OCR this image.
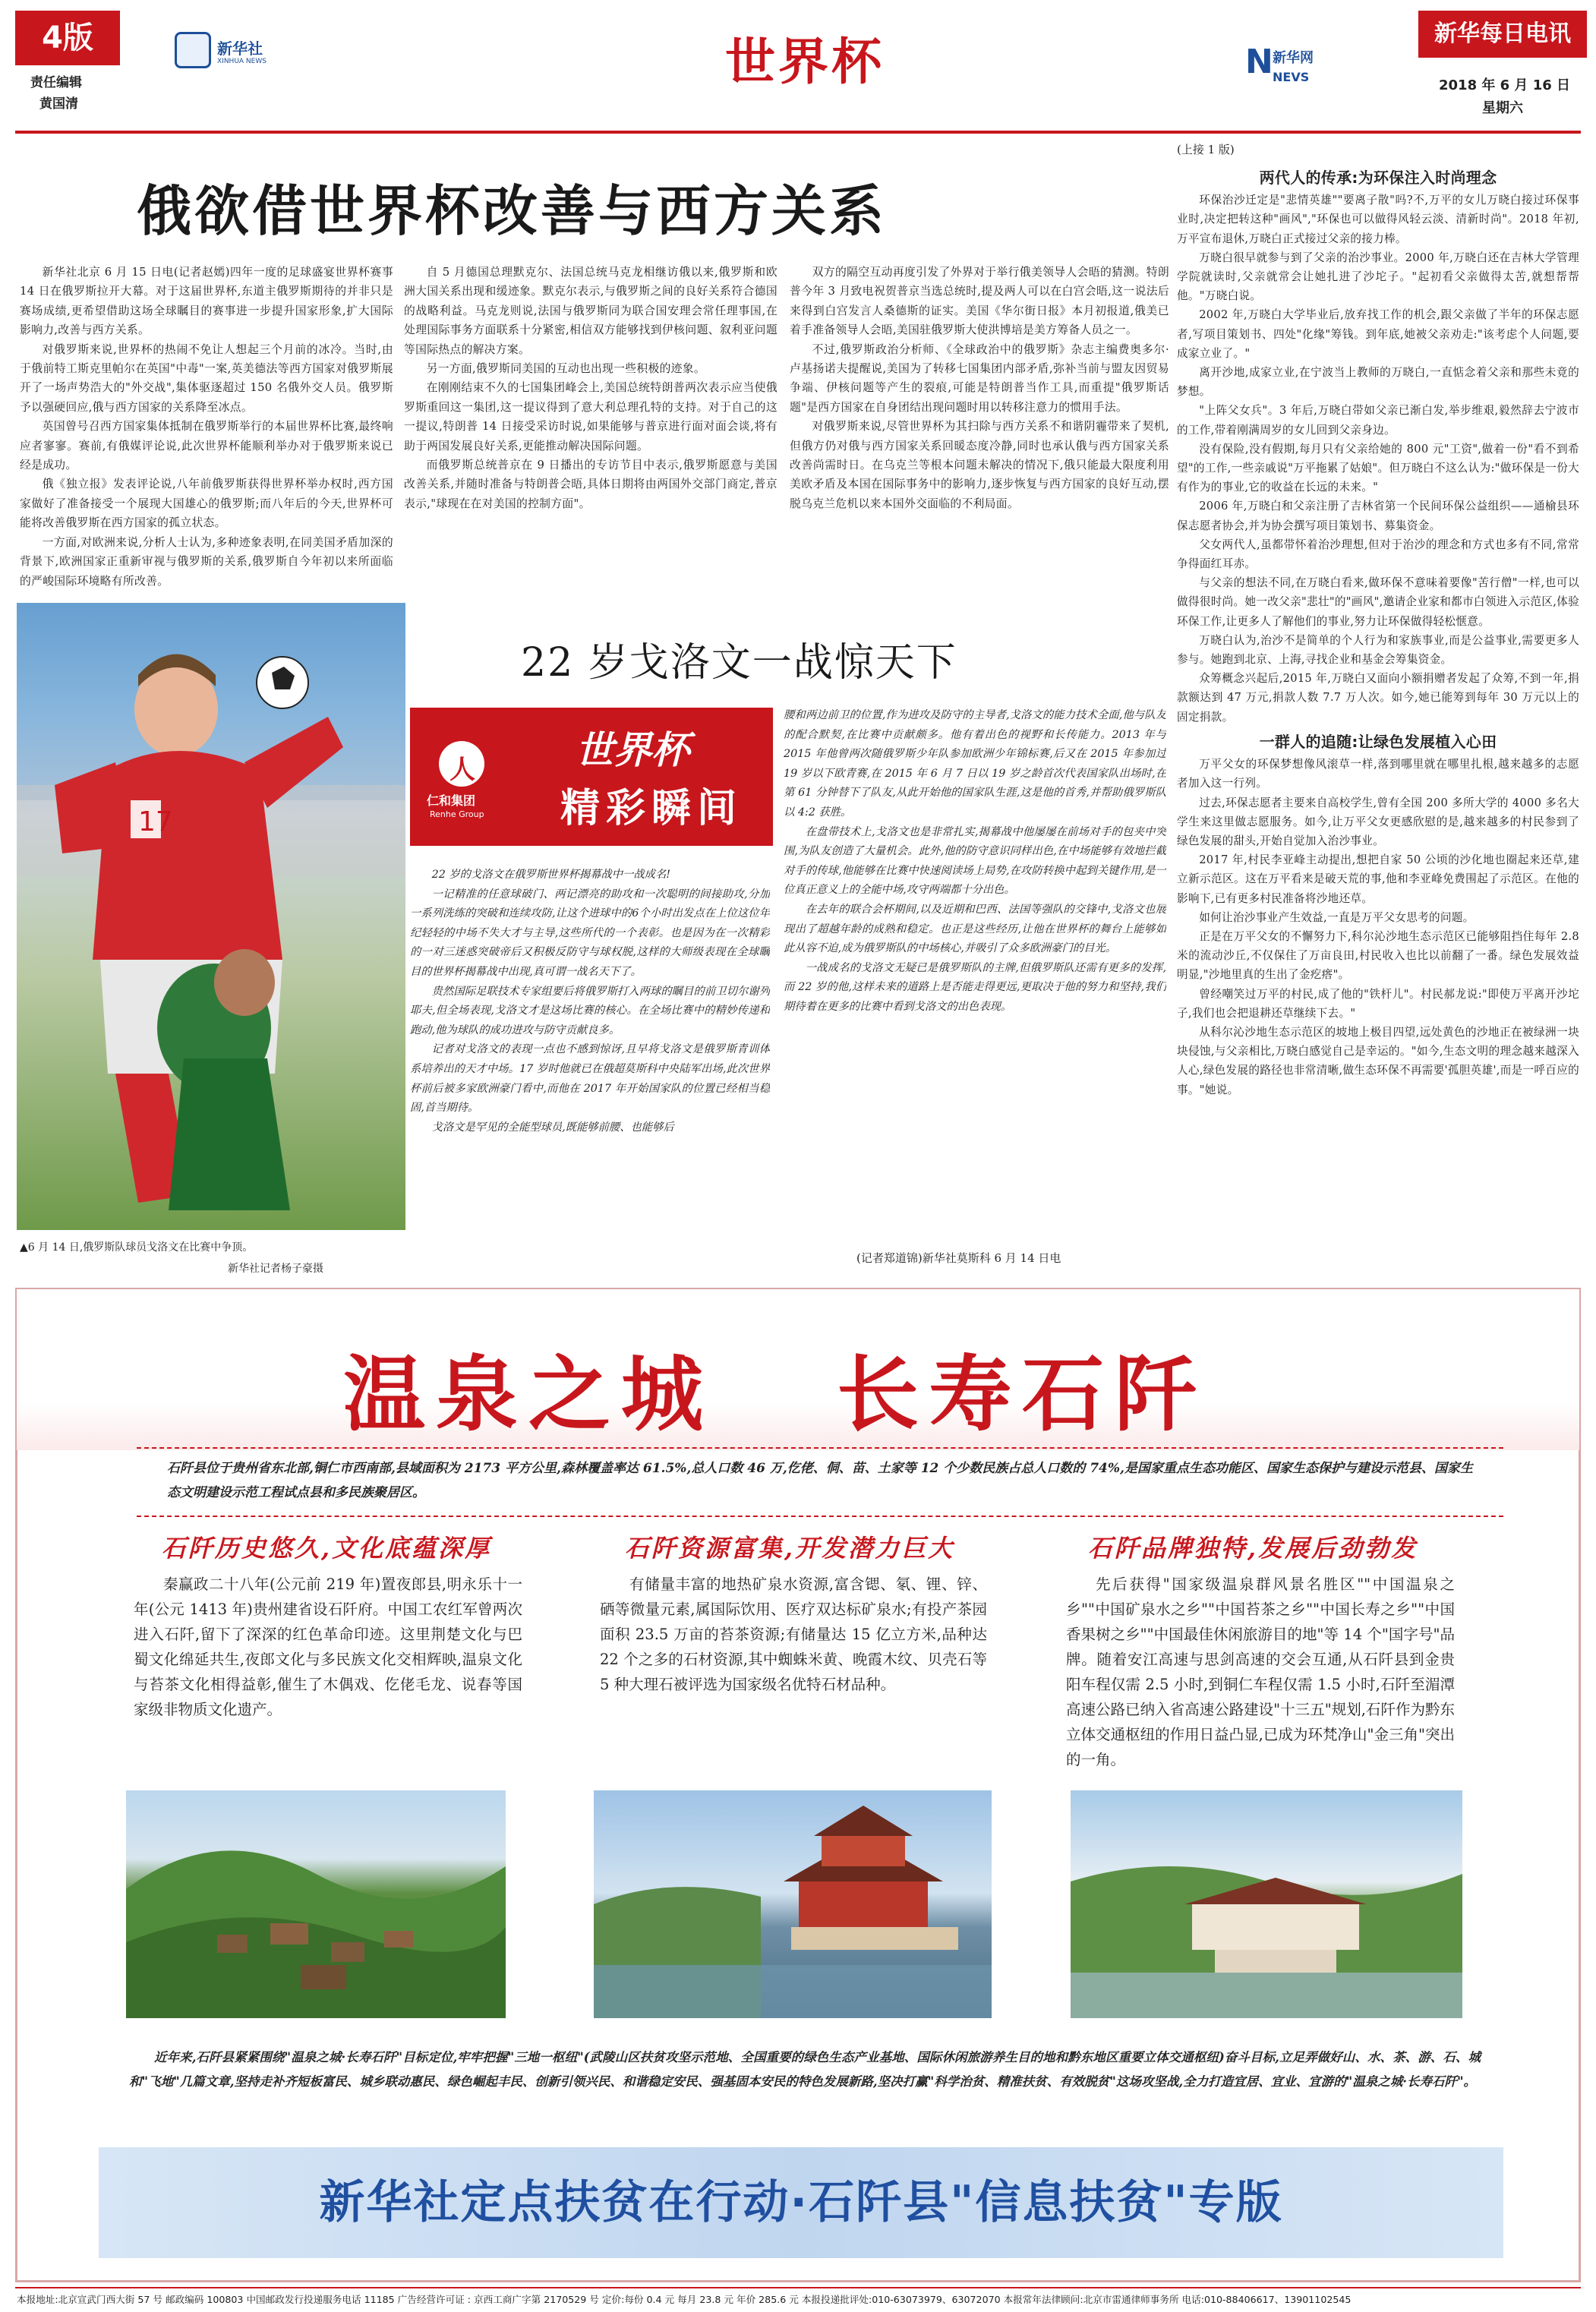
4版
责任编辑
黄国清
新华社
XINHUA NEWS	世界杯	N 新华网
NEVS
新华每日电讯
2018 年 6 月 16 日
星期六
俄欲借世界杯改善与西方关系

新华社北京 6 月 15 日电(记者赵嫣)四年一度的足球盛宴世界杯赛事 14 日在俄罗斯拉开大幕。对于这届世界杯,东道主俄罗斯期待的并非只是赛场成绩,更希望借助这场全球瞩目的赛事进一步提升国家形象,扩大国际影响力,改善与西方关系。

对俄罗斯来说,世界杯的热闹不免让人想起三个月前的冰冷。当时,由于俄前特工斯克里帕尔在英国"中毒"一案,英美德法等西方国家对俄罗斯展开了一场声势浩大的"外交战",集体驱逐超过 150 名俄外交人员。俄罗斯予以强硬回应,俄与西方国家的关系降至冰点。

英国曾号召西方国家集体抵制在俄罗斯举行的本届世界杯比赛,最终响应者寥寥。赛前,有俄媒评论说,此次世界杯能顺利举办对于俄罗斯来说已经是成功。

俄《独立报》发表评论说,八年前俄罗斯获得世界杯举办权时,西方国家做好了准备接受一个展现大国雄心的俄罗斯;而八年后的今天,世界杯可能将改善俄罗斯在西方国家的孤立状态。

一方面,对欧洲来说,分析人士认为,多种迹象表明,在同美国矛盾加深的背景下,欧洲国家正重新审视与俄罗斯的关系,俄罗斯自今年初以来所面临的严峻国际环境略有所改善。

自 5 月德国总理默克尔、法国总统马克龙相继访俄以来,俄罗斯和欧洲大国关系出现和缓迹象。默克尔表示,与俄罗斯之间的良好关系符合德国的战略利益。马克龙则说,法国与俄罗斯同为联合国安理会常任理事国,在处理国际事务方面联系十分紧密,相信双方能够找到伊核问题、叙利亚问题等国际热点的解决方案。

另一方面,俄罗斯同美国的互动也出现一些积极的迹象。

在刚刚结束不久的七国集团峰会上,美国总统特朗普两次表示应当使俄罗斯重回这一集团,这一提议得到了意大利总理孔特的支持。对于自己的这一提议,特朗普 14 日接受采访时说,如果能够与普京进行面对面会谈,将有助于两国发展良好关系,更能推动解决国际问题。

而俄罗斯总统普京在 9 日播出的专访节目中表示,俄罗斯愿意与美国改善关系,并随时准备与特朗普会晤,具体日期将由两国外交部门商定,普京表示,"球现在在对美国的控制方面"。

双方的隔空互动再度引发了外界对于举行俄美领导人会晤的猜测。特朗普今年 3 月致电祝贺普京当选总统时,提及两人可以在白宫会晤,这一说法后来得到白宫发言人桑德斯的证实。美国《华尔街日报》本月初报道,俄美已着手准备领导人会晤,美国驻俄罗斯大使洪博培是美方筹备人员之一。

不过,俄罗斯政治分析师、《全球政治中的俄罗斯》杂志主编费奥多尔·卢基扬诺夫提醒说,美国为了转移七国集团内部矛盾,弥补当前与盟友因贸易争端、伊核问题等产生的裂痕,可能是特朗普当作工具,而重提"俄罗斯话题"是西方国家在自身团结出现问题时用以转移注意力的惯用手法。

对俄罗斯来说,尽管世界杯为其扫除与西方关系不和谐阴霾带来了契机,但俄方仍对俄与西方国家关系回暖态度冷静,同时也承认俄与西方国家关系改善尚需时日。在乌克兰等根本问题未解决的情况下,俄只能最大限度利用美欧矛盾及本国在国际事务中的影响力,逐步恢复与西方国家的良好互动,摆脱乌克兰危机以来本国外交面临的不利局面。

17
▲6 月 14 日,俄罗斯队球员戈洛文在比赛中争顶。
新华社记者杨子豪摄
22 岁戈洛文一战惊天下
人
仁和集团
Renhe Group
世界杯
精彩瞬间

22 岁的戈洛文在俄罗斯世界杯揭幕战中一战成名!

一记精准的任意球破门、两记漂亮的助攻和一次聪明的间接助攻,分加一系列洗练的突破和连续攻防,让这个进球中的6个小时出发点在上位这位年纪轻轻的中场不失大才与主导,这些所代的一个表彰。也是因为在一次精彩的一对三迷惑突破帝后又积极反防守与球权脱,这样的大师级表现在全球瞩目的世界杯揭幕战中出现,真可谓一战名天下了。

贵然国际足联技术专家组要后将俄罗斯打入两球的瞩目的前卫切尔谢列耶夫,但全场表现,戈洛文才是这场比赛的核心。在全场比赛中的精妙传递和跑动,他为球队的成功进攻与防守贡献良多。

记者对戈洛文的表现一点也不感到惊讶,且早将戈洛文是俄罗斯青训体系培养出的天才中场。17 岁时他就已在俄超莫斯科中央陆军出场,此次世界杯前后被多家欧洲豪门看中,而他在 2017 年开始国家队的位置已经相当稳固,首当期待。

戈洛文是罕见的全能型球员,既能够前腰、也能够后

腰和两边前卫的位置,作为进攻及防守的主导者,戈洛文的能力技术全面,他与队友的配合默契,在比赛中贡献颇多。他有着出色的视野和长传能力。2013 年与 2015 年他曾两次随俄罗斯少年队参加欧洲少年锦标赛,后又在 2015 年参加过 19 岁以下欧青赛,在 2015 年 6 月 7 日以 19 岁之龄首次代表国家队出场时,在第 61 分钟替下了队友,从此开始他的国家队生涯,这是他的首秀,并帮助俄罗斯队以 4:2 获胜。

在盘带技术上,戈洛文也是非常扎实,揭幕战中他屡屡在前场对手的包夹中突围,为队友创造了大量机会。此外,他的防守意识同样出色,在中场能够有效地拦截对手的传球,他能够在比赛中快速阅读场上局势,在攻防转换中起到关键作用,是一位真正意义上的全能中场,攻守两端都十分出色。

在去年的联合会杯期间,以及近期和巴西、法国等强队的交锋中,戈洛文也展现出了超越年龄的成熟和稳定。也正是这些经历,让他在世界杯的舞台上能够如此从容不迫,成为俄罗斯队的中场核心,并吸引了众多欧洲豪门的目光。

一战成名的戈洛文无疑已是俄罗斯队的主牌,但俄罗斯队还需有更多的发挥,而 22 岁的他,这样未来的道路上是否能走得更远,更取决于他的努力和坚持,我们期待着在更多的比赛中看到戈洛文的出色表现。

(记者郑道锦)新华社莫斯科 6 月 14 日电
(上接 1 版)

两代人的传承:为环保注入时尚理念

环保治沙迁定是"悲情英雄""要离子散"吗?不,万平的女儿万晓白接过环保事业时,决定把转这种"画风","环保也可以做得风轻云淡、清新时尚"。2018 年初,万平宣布退休,万晓白正式接过父亲的接力棒。

万晓白很早就参与到了父亲的治沙事业。2000 年,万晓白还在吉林大学管理学院就读时,父亲就常会让她扎进了沙坨子。"起初看父亲做得太苦,就想帮帮他。"万晓白说。

2002 年,万晓白大学毕业后,放弃找工作的机会,跟父亲做了半年的环保志愿者,写项目策划书、四处"化缘"筹钱。到年底,她被父亲劝走:"该考虑个人问题,要成家立业了。"

离开沙地,成家立业,在宁波当上教师的万晓白,一直惦念着父亲和那些未竟的梦想。

"上阵父女兵"。3 年后,万晓白带如父亲已渐白发,举步维艰,毅然辞去宁波市的工作,带着刚满周岁的女儿回到父亲身边。

没有保险,没有假期,每月只有父亲给她的 800 元"工资",做着一份"看不到希望"的工作,一些亲戚说"万平拖累了姑娘"。但万晓白不这么认为:"做环保是一份大有作为的事业,它的收益在长远的未来。"

2006 年,万晓白和父亲注册了吉林省第一个民间环保公益组织——通榆县环保志愿者协会,并为协会撰写项目策划书、募集资金。

父女两代人,虽都带怀着治沙理想,但对于治沙的理念和方式也多有不同,常常争得面红耳赤。

与父亲的想法不同,在万晓白看来,做环保不意味着要像"苦行僧"一样,也可以做得很时尚。她一改父亲"悲壮"的"画风",邀请企业家和都市白领进入示范区,体验环保工作,让更多人了解他们的事业,努力让环保做得轻松惬意。

万晓白认为,治沙不是简单的个人行为和家族事业,而是公益事业,需要更多人参与。她跑到北京、上海,寻找企业和基金会筹集资金。

众筹概念兴起后,2015 年,万晓白又面向小额捐赠者发起了众筹,不到一年,捐款额达到 47 万元,捐款人数 7.7 万人次。如今,她已能筹到每年 30 万元以上的固定捐款。

一群人的追随:让绿色发展植入心田

万平父女的环保梦想像风滚草一样,落到哪里就在哪里扎根,越来越多的志愿者加入这一行列。

过去,环保志愿者主要来自高校学生,曾有全国 200 多所大学的 4000 多名大学生来这里做志愿服务。如今,让万平父女更感欣慰的是,越来越多的村民参到了绿色发展的甜头,开始自觉加入治沙事业。

2017 年,村民李亚峰主动提出,想把自家 50 公顷的沙化地也圈起来还草,建立新示范区。这在万平看来是破天荒的事,他和李亚峰免费围起了示范区。在他的影响下,已有更多村民准备将沙地还草。

如何让治沙事业产生效益,一直是万平父女思考的问题。

正是在万平父女的不懈努力下,科尔沁沙地生态示范区已能够阻挡住每年 2.8 米的流动沙丘,不仅保住了万亩良田,村民收入也比以前翻了一番。绿色发展效益明显,"沙地里真的生出了金疙瘩"。

曾经嘲笑过万平的村民,成了他的"铁杆儿"。村民郝龙说:"即使万平离开沙坨子,我们也会把退耕还草继续下去。"

从科尔沁沙地生态示范区的坡地上极目四望,远处黄色的沙地正在被绿洲一块块侵蚀,与父亲相比,万晓白感觉自己是幸运的。"如今,生态文明的理念越来越深入人心,绿色发展的路径也非常清晰,做生态环保不再需要'孤胆英雄',而是一呼百应的事。"她说。

温泉之城 长寿石阡
石阡县位于贵州省东北部,铜仁市西南部,县域面积为 2173 平方公里,森林覆盖率达 61.5%,总人口数 46 万,仡佬、侗、苗、土家等 12 个少数民族占总人口数的 74%,是国家重点生态功能区、国家生态保护与建设示范县、国家生态文明建设示范工程试点县和多民族聚居区。
石阡历史悠久,文化底蕴深厚	石阡资源富集,开发潜力巨大	石阡品牌独特,发展后劲勃发

秦赢政二十八年(公元前 219 年)置夜郎县,明永乐十一年(公元 1413 年)贵州建省设石阡府。中国工农红军曾两次进入石阡,留下了深深的红色革命印迹。这里荆楚文化与巴蜀文化绵延共生,夜郎文化与多民族文化交相辉映,温泉文化与苔茶文化相得益彰,催生了木偶戏、仡佬毛龙、说春等国家级非物质文化遗产。

有储量丰富的地热矿泉水资源,富含锶、氡、锂、锌、硒等微量元素,属国际饮用、医疗双达标矿泉水;有投产茶园面积 23.5 万亩的苔茶资源;有储量达 15 亿立方米,品种达 22 个之多的石材资源,其中蜘蛛米黄、晚霞木纹、贝壳石等 5 种大理石被评选为国家级名优特石材品种。

先后获得"国家级温泉群风景名胜区""中国温泉之乡""中国矿泉水之乡""中国苔茶之乡""中国长寿之乡""中国香果树之乡""中国最佳休闲旅游目的地"等 14 个"国字号"品牌。随着安江高速与思剑高速的交会互通,从石阡县到金贵阳车程仅需 2.5 小时,到铜仁车程仅需 1.5 小时,石阡至湄潭高速公路已纳入省高速公路建设"十三五"规划,石阡作为黔东立体交通枢纽的作用日益凸显,已成为环梵净山"金三角"突出的一角。

近年来,石阡县紧紧围绕"温泉之城·长寿石阡"目标定位,牢牢把握"三地一枢纽"(武陵山区扶贫攻坚示范地、全国重要的绿色生态产业基地、国际休闲旅游养生目的地和黔东地区重要立体交通枢纽)奋斗目标,立足弄做好山、水、茶、游、石、城和"飞地"几篇文章,坚持走补齐短板富民、城乡联动惠民、绿色崛起丰民、创新引领兴民、和谐稳定安民、强基固本安民的特色发展新路,坚决打赢"科学治贫、精准扶贫、有效脱贫"这场攻坚战,全力打造宜居、宜业、宜游的"温泉之城·长寿石阡"。
新华社定点扶贫在行动·石阡县"信息扶贫"专版
本报地址:北京宣武门西大街 57 号 邮政编码 100803 中国邮政发行投递服务电话 11185 广告经营许可证 : 京西工商广字第 2170529 号 定价:每份 0.4 元 每月 23.8 元 年价 285.6 元 本报投递批评处:010-63073979、63072070 本报常年法律顾问:北京市雷通律师事务所 电话:010-88406617、13901102545
